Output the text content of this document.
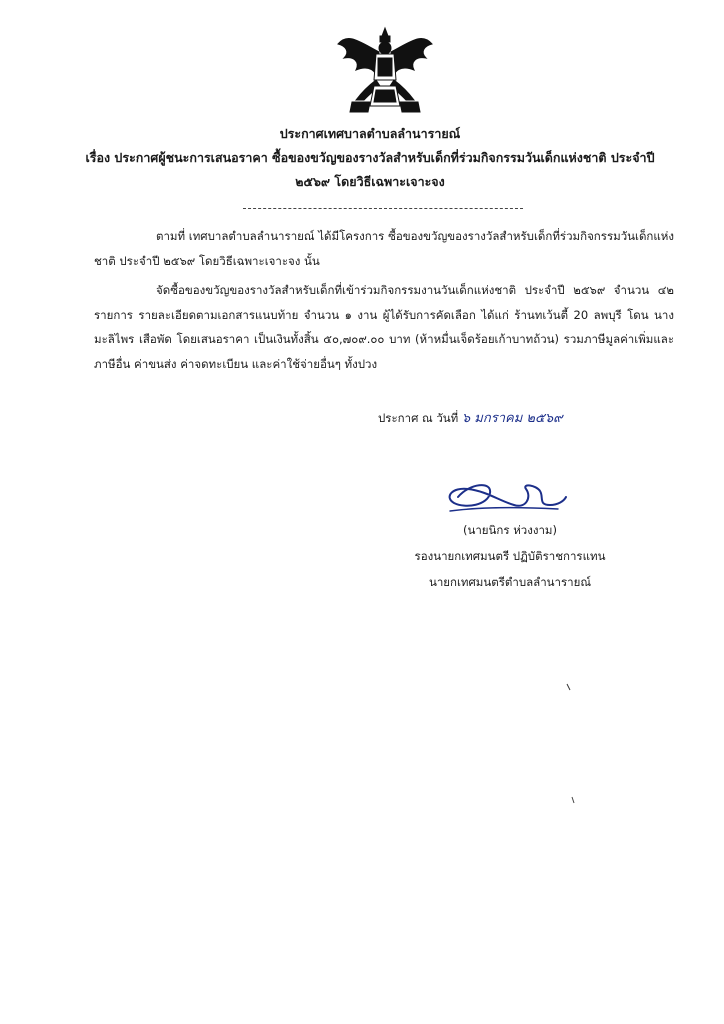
ประกาศเทศบาลตำบลลำนารายณ์
เรื่อง ประกาศผู้ชนะการเสนอราคา ซื้อของขวัญของรางวัลสำหรับเด็กที่ร่วมกิจกรรมวันเด็กแห่งชาติ ประจำปี
๒๕๖๙ โดยวิธีเฉพาะเจาะจง
ตามที่ เทศบาลตำบลลำนารายณ์ ได้มีโครงการ ซื้อของขวัญของรางวัลสำหรับเด็กที่ร่วมกิจกรรมวันเด็กแห่งชาติ ประจำปี ๒๕๖๙ โดยวิธีเฉพาะเจาะจง นั้น
จัดซื้อของขวัญของรางวัลสำหรับเด็กที่เข้าร่วมกิจกรรมงานวันเด็กแห่งชาติ ประจำปี ๒๕๖๙ จำนวน ๔๒ รายการ รายละเอียดตามเอกสารแนบท้าย จำนวน ๑ งาน ผู้ได้รับการคัดเลือก ได้แก่ ร้านทเว้นตี้ 20 ลพบุรี โดน นางมะลิไพร เสือพัด โดยเสนอราคา เป็นเงินทั้งสิ้น ๕๐,๗๐๙.๐๐ บาท (ห้าหมื่นเจ็ดร้อยเก้าบาทถ้วน) รวมภาษีมูลค่าเพิ่มและภาษีอื่น ค่าขนส่ง ค่าจดทะเบียน และค่าใช้จ่ายอื่นๆ ทั้งปวง
ประกาศ ณ วันที่ ๖ มกราคม ๒๕๖๙
(นายนิกร ห่วงงาม)
รองนายกเทศมนตรี ปฏิบัติราชการแทน
นายกเทศมนตรีตำบลลำนารายณ์
